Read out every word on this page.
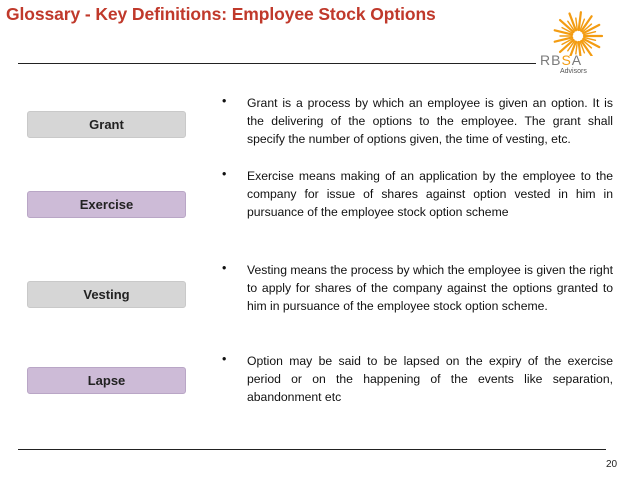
Glossary - Key Definitions: Employee Stock Options
RBSA
Advisors
Grant
Exercise
Vesting
Lapse
• Grant is a process by which an employee is given an option. It is the delivering of the options to the employee. The grant shall specify the number of options given, the time of vesting, etc.

• Exercise means making of an application by the employee to the company for issue of shares against option vested in him in pursuance of the employee stock option scheme

• Vesting means the process by which the employee is given the right to apply for shares of the company against the options granted to him in pursuance of the employee stock option scheme.

• Option may be said to be lapsed on the expiry of the exercise period or on the happening of the events like separation, abandonment etc

20
